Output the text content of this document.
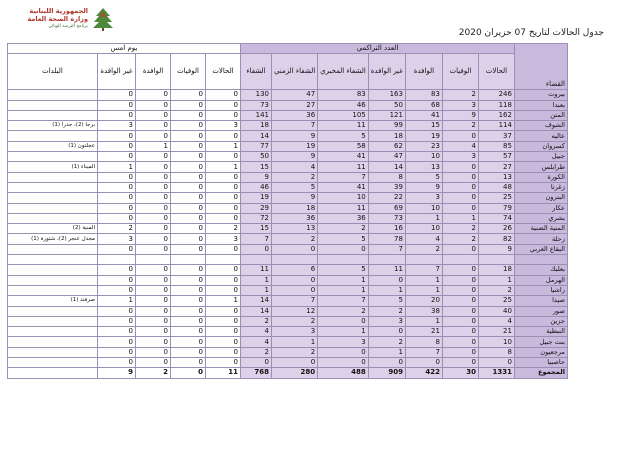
الجمهورية اللبنانية
وزارة الصحة العامة
برنامج الترصد الوبائي
جدول الحالات لتاريخ 07 حزيران 2020
يوم امس					العدد التراكمي							القضاء
البلدات	غير الوافدة	الوافدة	الوفيات	الحالات	الشفاء	الشفاء الزمني	الشفاء المخبري	غير الوافدة	الوافدة	الوفيات	الحالات	
	0	0	0	0	130	47	83	163	83	2	246	بيروت
	0	0	0	0	73	27	46	50	68	3	118	بعبدا
	0	0	0	0	141	36	105	121	41	9	162	المتن
برجا (2)، جدرا (1)	3	0	0	3	18	7	11	99	15	2	114	الشوف
	0	0	0	0	14	9	5	18	19	0	37	عاليه
عجلتون (1)	0	1	0	1	77	19	58	62	23	4	85	كسروان
	0	0	0	0	50	9	41	47	10	3	57	جبيل
الميناء (1)	1	0	0	1	15	4	11	14	13	0	27	طرابلس
	0	0	0	0	9	2	7	8	5	0	13	الكورة
	0	0	0	0	46	5	41	39	9	0	48	زغرتا
	0	0	0	0	19	9	10	22	3	0	25	البترون
	0	0	0	0	29	18	11	69	10	0	79	عكار
	0	0	0	0	72	36	36	73	1	1	74	بشري
المنية (2)	2	0	0	2	15	13	2	16	10	2	26	المنية الضنية
مجدل عنجر (2)، شتورة (1)	3	0	0	3	7	2	5	78	4	2	82	زحلة
	0	0	0	0	0	0	0	7	2	0	9	البقاع الغربي

	0	0	0	0	11	6	5	11	7	0	18	بعلبك
	0	0	0	0	1	0	1	0	1	0	1	الهرمل
	0	0	0	0	1	0	1	1	1	0	2	راشيا
صرفند (1)	1	0	0	1	14	7	7	5	20	0	25	صيدا
	0	0	0	0	14	12	2	2	38	0	40	صور
	0	0	0	0	2	2	0	3	1	0	4	جزين
	0	0	0	0	4	3	1	0	21	0	21	النبطية
	0	0	0	0	4	1	3	2	8	0	10	بنت جبيل
	0	0	0	0	2	2	0	1	7	0	8	مرجعيون
	0	0	0	0	0	0	0	0	0	0	0	حاصبيا
	9	2	0	11	768	280	488	909	422	30	1331	المجموع
